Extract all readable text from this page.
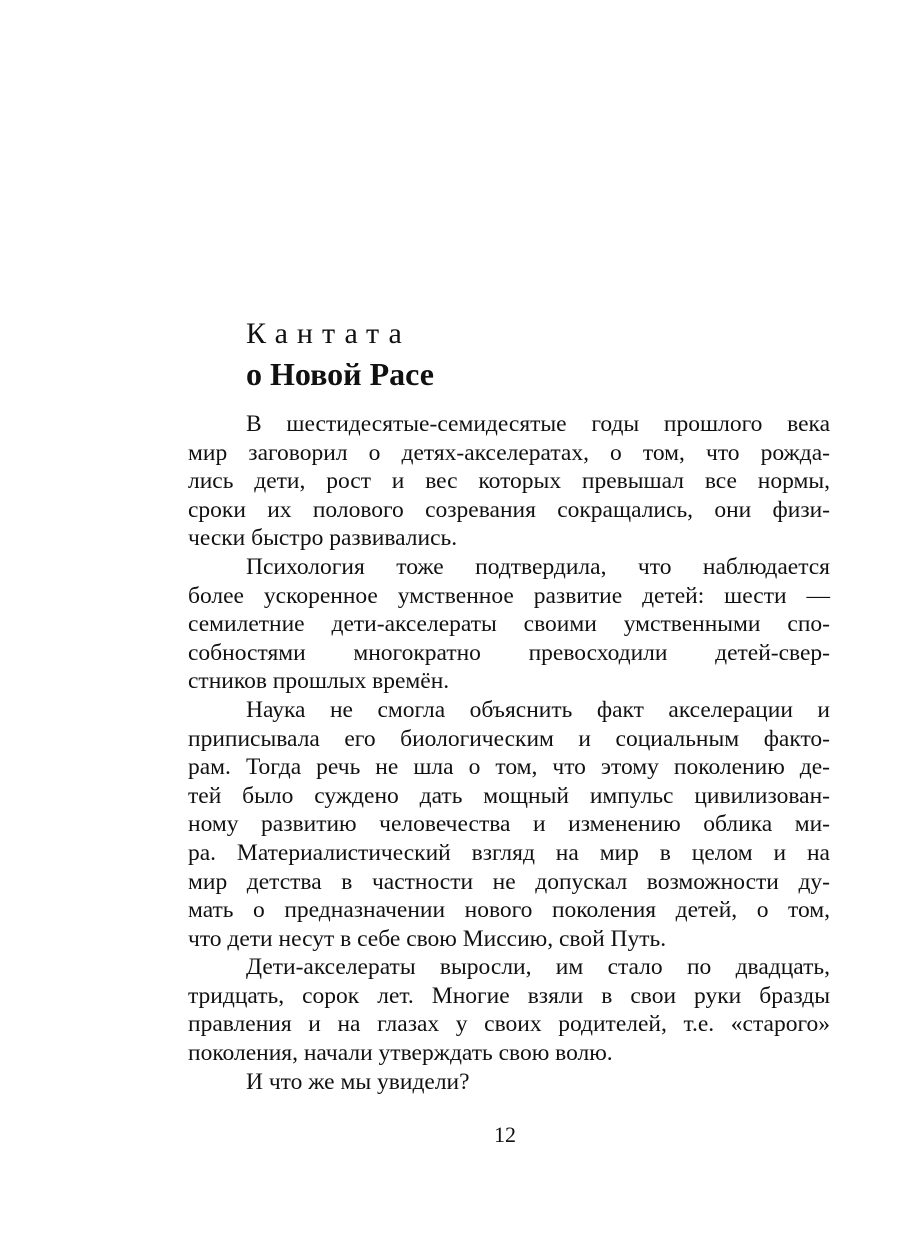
Кантата
о Новой Расе

В шестидесятые-семидесятые годы прошлого века

мир заговорил о детях-акселератах, о том, что рожда-

лись дети, рост и вес которых превышал все нормы,

сроки их полового созревания сокращались, они физи-

чески быстро развивались.

Психология тоже подтвердила, что наблюдается

более ускоренное умственное развитие детей: шести —

семилетние дети-акселераты своими умственными спо-

собностями многократно превосходили детей-свер-

стников прошлых времён.

Наука не смогла объяснить факт акселерации и

приписывала его биологическим и социальным факто-

рам. Тогда речь не шла о том, что этому поколению де-

тей было суждено дать мощный импульс цивилизован-

ному развитию человечества и изменению облика ми-

ра. Материалистический взгляд на мир в целом и на

мир детства в частности не допускал возможности ду-

мать о предназначении нового поколения детей, о том,

что дети несут в себе свою Миссию, свой Путь.

Дети-акселераты выросли, им стало по двадцать,

тридцать, сорок лет. Многие взяли в свои руки бразды

правления и на глазах у своих родителей, т.е. «старого»

поколения, начали утверждать свою волю.

И что же мы увидели?

12
